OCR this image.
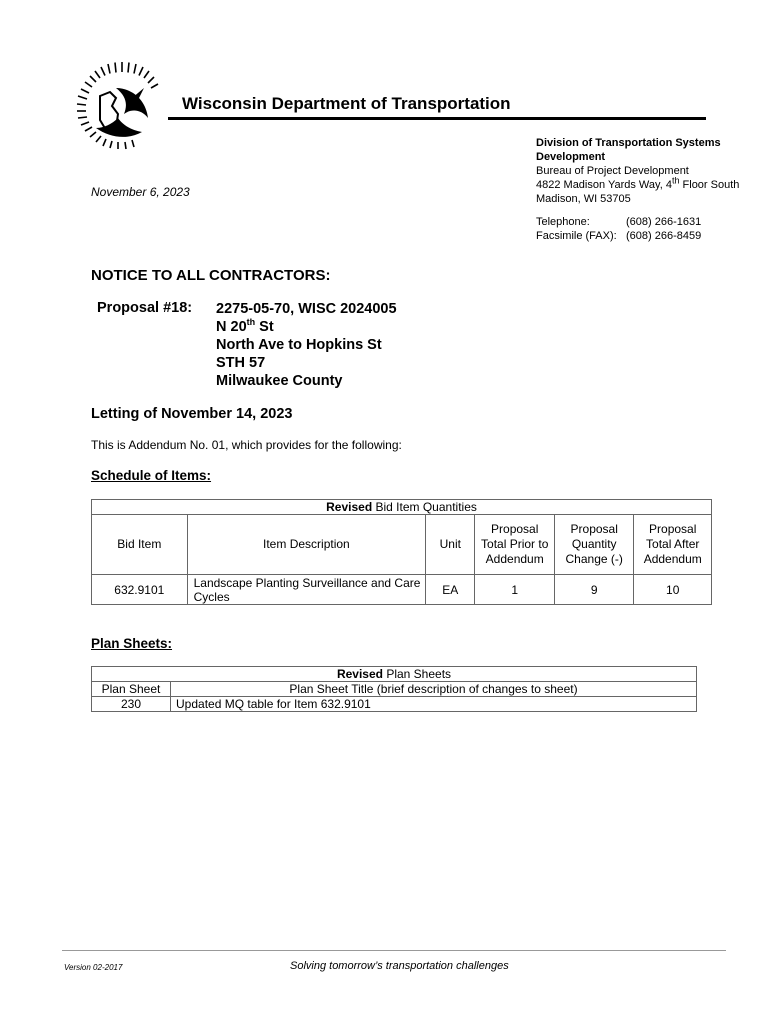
Wisconsin Department of Transportation
Division of Transportation Systems
Development
Bureau of Project Development
4822 Madison Yards Way, 4th Floor South
Madison, WI 53705
Telephone:	(608) 266-1631
Facsimile (FAX): (608) 266-8459
November 6, 2023
NOTICE TO ALL CONTRACTORS:
Proposal #18: 2275-05-70, WISC 2024005
N 20th St
North Ave to Hopkins St
STH 57
Milwaukee County
Letting of November 14, 2023
This is Addendum No. 01, which provides for the following:
Schedule of Items:
Revised Bid Item Quantities					
Bid Item	Item Description	Unit	Proposal Total Prior to Addendum	Proposal Quantity Change (-)	Proposal Total After Addendum
632.9101	Landscape Planting Surveillance and Care Cycles	EA	1	9	10
Plan Sheets:
Revised Plan Sheets	
Plan Sheet	Plan Sheet Title (brief description of changes to sheet)
230	Updated MQ table for Item 632.9101
Version 02-2017	Solving tomorrow’s transportation challenges
